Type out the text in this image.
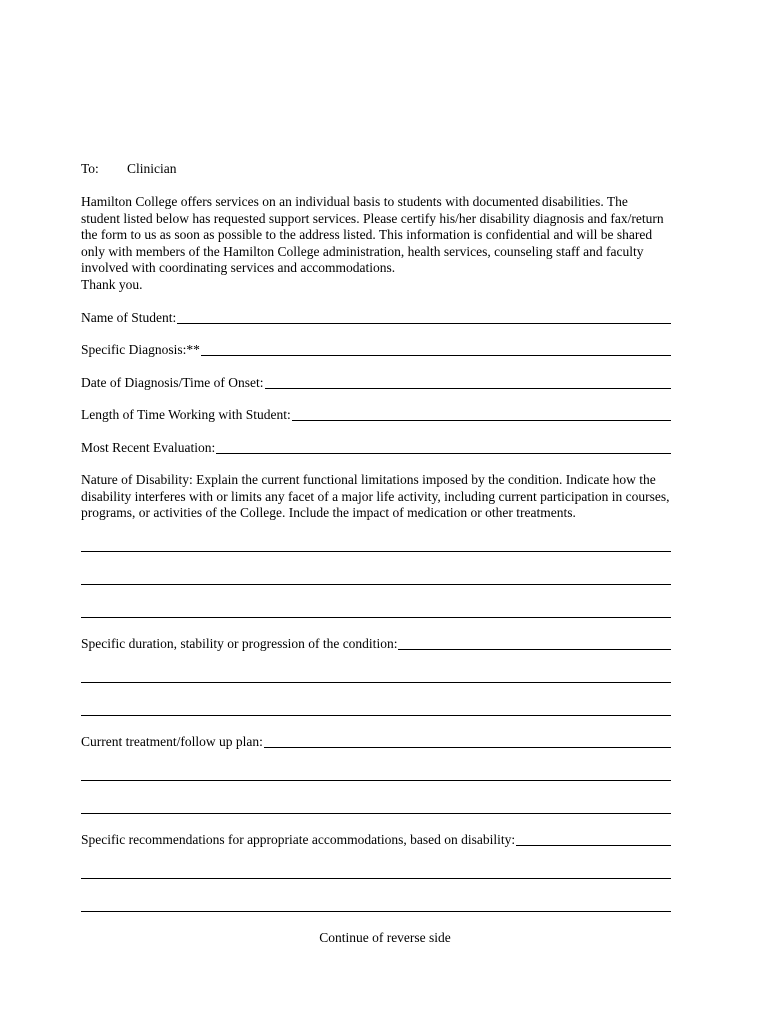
To: Clinician

Hamilton College offers services on an individual basis to students with documented disabilities. The

student listed below has requested support services. Please certify his/her disability diagnosis and fax/return

the form to us as soon as possible to the address listed. This information is confidential and will be shared

only with members of the Hamilton College administration, health services, counseling staff and faculty

involved with coordinating services and accommodations.

Thank you.

Name of Student:
Specific Diagnosis:**
Date of Diagnosis/Time of Onset:
Length of Time Working with Student:
Most Recent Evaluation:

Nature of Disability: Explain the current functional limitations imposed by the condition. Indicate how the

disability interferes with or limits any facet of a major life activity, including current participation in courses,

programs, or activities of the College. Include the impact of medication or other treatments.

Specific duration, stability or progression of the condition:
Current treatment/follow up plan:
Specific recommendations for appropriate accommodations, based on disability:
Continue of reverse side
